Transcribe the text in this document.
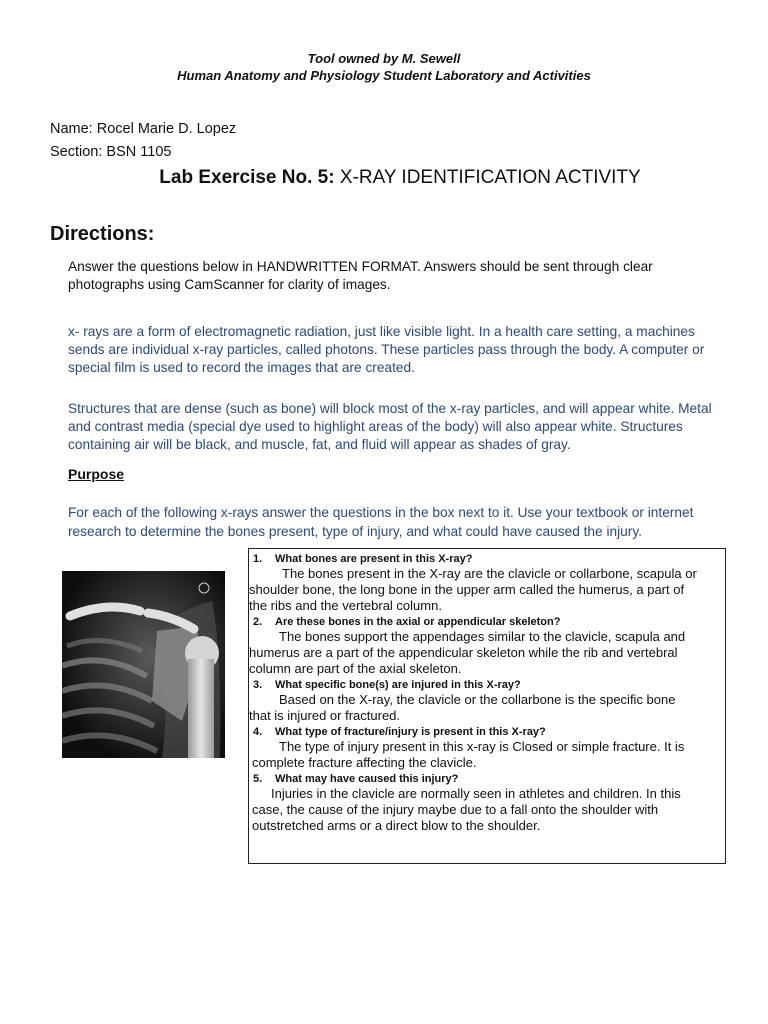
Tool owned by M. Sewell
Human Anatomy and Physiology Student Laboratory and Activities
Name: Rocel Marie D. Lopez
Section: BSN 1105
Lab Exercise No. 5: X-RAY IDENTIFICATION ACTIVITY
Directions:
Answer the questions below in HANDWRITTEN FORMAT. Answers should be sent through clear
photographs using CamScanner for clarity of images.
x- rays are a form of electromagnetic radiation, just like visible light. In a health care setting, a machines
sends are individual x-ray particles, called photons. These particles pass through the body. A computer or
special film is used to record the images that are created.
Structures that are dense (such as bone) will block most of the x-ray particles, and will appear white. Metal
and contrast media (special dye used to highlight areas of the body) will also appear white. Structures
containing air will be black, and muscle, fat, and fluid will appear as shades of gray.
Purpose
For each of the following x-rays answer the questions in the box next to it. Use your textbook or internet
research to determine the bones present, type of injury, and what could have caused the injury.
1. What bones are present in this X-ray?
The bones present in the X-ray are the clavicle or collarbone, scapula or
shoulder bone, the long bone in the upper arm called the humerus, a part of
the ribs and the vertebral column.
2. Are these bones in the axial or appendicular skeleton?
The bones support the appendages similar to the clavicle, scapula and
humerus are a part of the appendicular skeleton while the rib and vertebral
column are part of the axial skeleton.
3. What specific bone(s) are injured in this X-ray?
Based on the X-ray, the clavicle or the collarbone is the specific bone
that is injured or fractured.
4. What type of fracture/injury is present in this X-ray?
The type of injury present in this x-ray is Closed or simple fracture. It is
complete fracture affecting the clavicle.
5. What may have caused this injury?
Injuries in the clavicle are normally seen in athletes and children. In this
case, the cause of the injury maybe due to a fall onto the shoulder with
outstretched arms or a direct blow to the shoulder.
